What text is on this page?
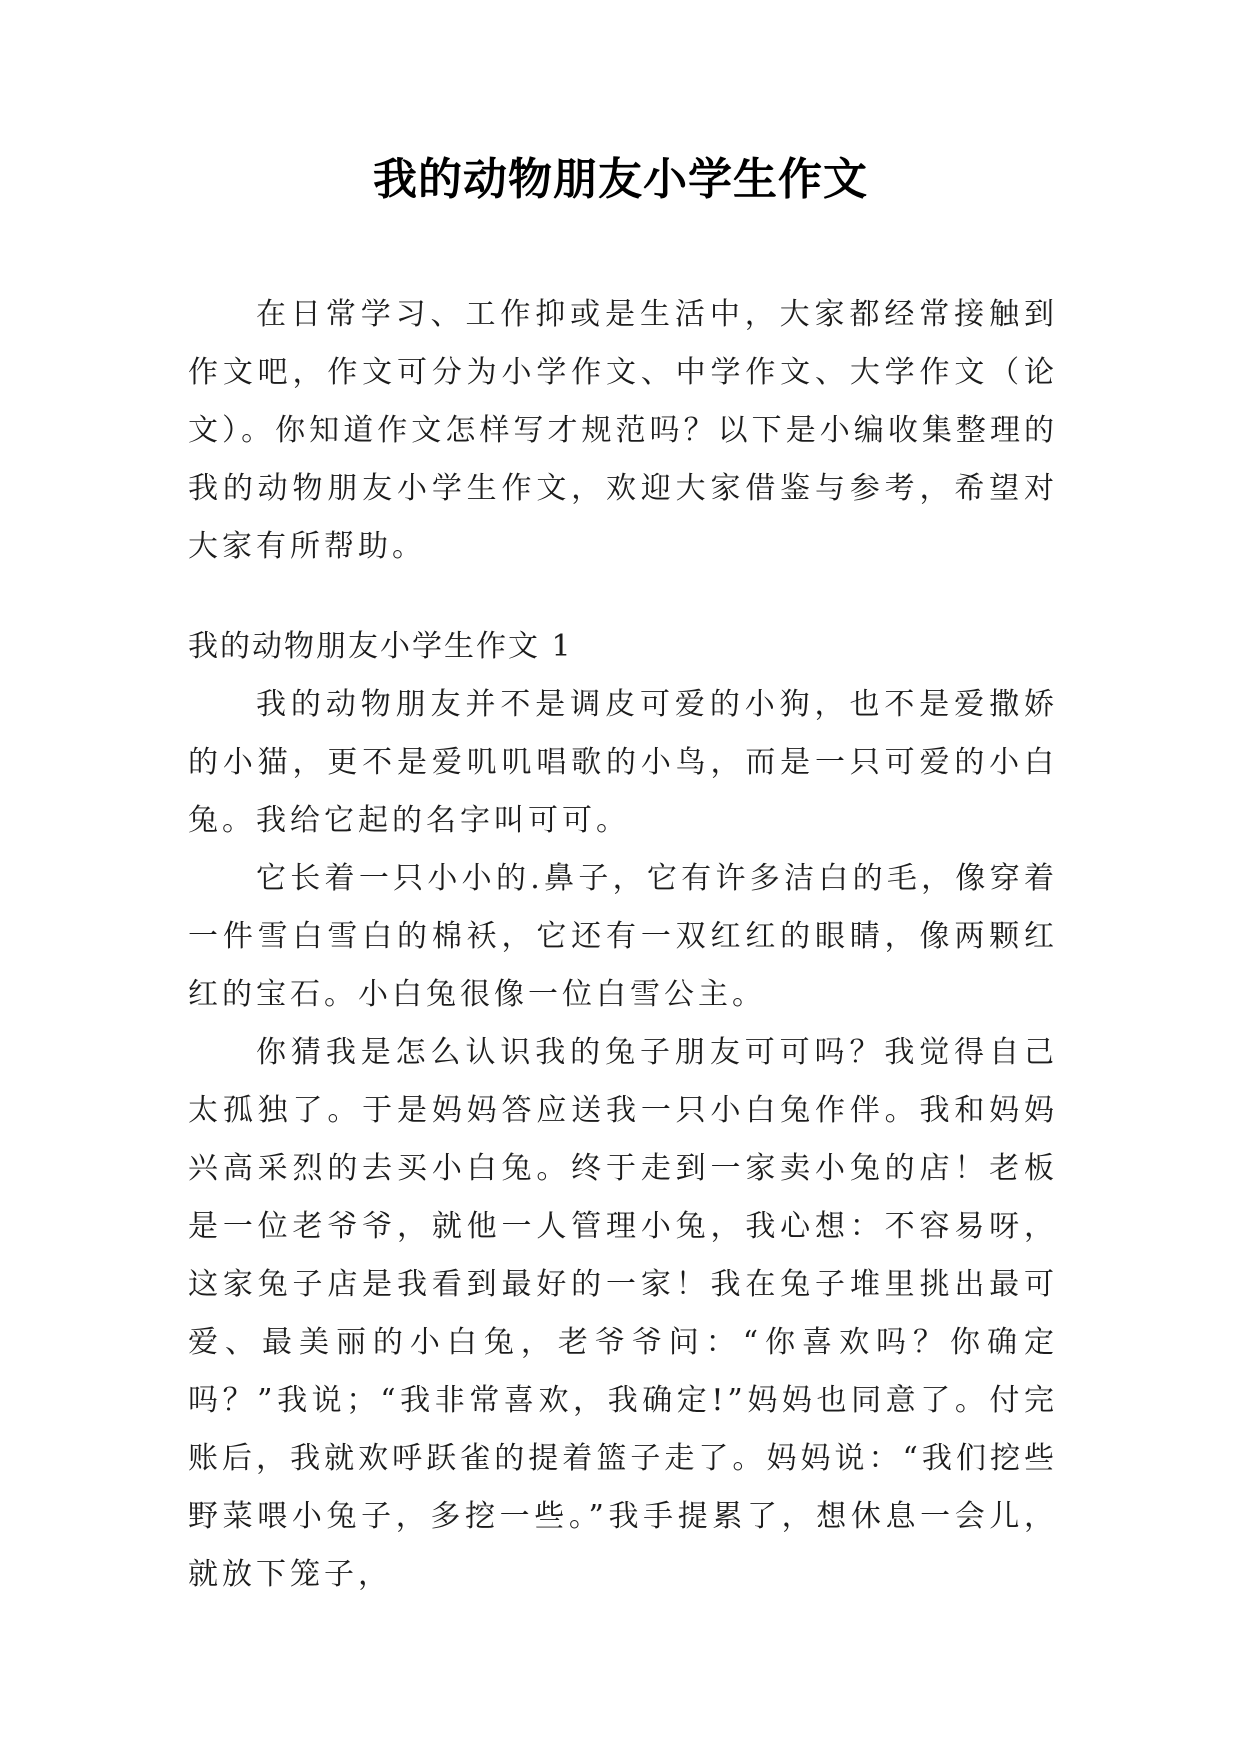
我的动物朋友小学生作文

在日常学习、工作抑或是生活中，大家都经常接触到作文吧，作文可分为小学作文、中学作文、大学作文（论文）。你知道作文怎样写才规范吗？以下是小编收集整理的我的动物朋友小学生作文，欢迎大家借鉴与参考，希望对大家有所帮助。

我的动物朋友小学生作文 1

我的动物朋友并不是调皮可爱的小狗，也不是爱撒娇的小猫，更不是爱叽叽唱歌的小鸟，而是一只可爱的小白兔。我给它起的名字叫可可。

它长着一只小小的.鼻子，它有许多洁白的毛，像穿着一件雪白雪白的棉袄，它还有一双红红的眼睛，像两颗红红的宝石。小白兔很像一位白雪公主。

你猜我是怎么认识我的兔子朋友可可吗？我觉得自己太孤独了。于是妈妈答应送我一只小白兔作伴。我和妈妈兴高采烈的去买小白兔。终于走到一家卖小兔的店！老板是一位老爷爷，就他一人管理小兔，我心想：不容易呀，这家兔子店是我看到最好的一家！我在兔子堆里挑出最可爱、最美丽的小白兔，老爷爷问：“你喜欢吗？你确定吗？”我说；“我非常喜欢，我确定!”妈妈也同意了。付完账后，我就欢呼跃雀的提着篮子走了。妈妈说：“我们挖些野菜喂小兔子，多挖一些。”我手提累了，想休息一会儿，就放下笼子，
